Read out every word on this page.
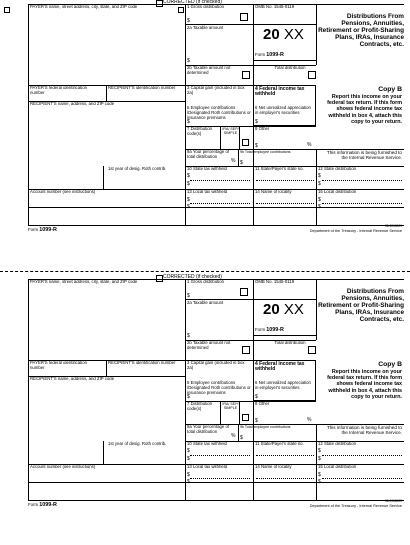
CORRECTED (if checked)
PAYER'S name, street address, city, state, and ZIP code	1 Gross distribution
$
OMB No. 1545-0119
20 XX
Form 1099-R
Distributions From Pensions, Annuities, Retirement or Profit-Sharing Plans, IRAs, Insurance Contracts, etc.
2a Taxable amount
$
2b Taxable amount not determined
Total distribution
PAYER'S federal identification number
RECIPIENT'S identification number	3 Capital gain (included in box 2a)
$
4 Federal income tax withheld
$
RECIPIENT'S name, address, and ZIP code
5 Employee contributions /Designated Roth contributions or insurance premiums
6 Net unrealized appreciation in employer's securities
Copy B
Report this income on your federal tax return. If this form shows federal income tax withheld in box 4, attach this copy to your return.
7 Distribution code(s)
IRA/ SEP/ SIMPLE
8 Other
$	%
9a Your percentage of total distribution
%
9b Total employee contributions
$
This information is being furnished to the Internal Revenue Service.
1st year of desig. Roth contrib.	10 State tax withheld	11 State/Payer's state no.	12 State distribution
$
$
$
$
Account number (see instructions)	13 Local tax withheld	14 Name of locality	15 Local distribution
$
$
$
$
Form 1099-R
38-2068803
Department of the Treasury - Internal Revenue Service
CORRECTED (if checked)
PAYER'S name, street address, city, state, and ZIP code	1 Gross distribution
$
OMB No. 1545-0119
20 XX
Form 1099-R
Distributions From Pensions, Annuities, Retirement or Profit-Sharing Plans, IRAs, Insurance Contracts, etc.
2a Taxable amount
$
2b Taxable amount not determined
Total distribution
PAYER'S federal identification number
RECIPIENT'S identification number	3 Capital gain (included in box 2a)
$
4 Federal income tax withheld
$
RECIPIENT'S name, address, and ZIP code
5 Employee contributions /Designated Roth contributions or insurance premiums
6 Net unrealized appreciation in employer's securities
Copy B
Report this income on your federal tax return. If this form shows federal income tax withheld in box 4, attach this copy to your return.
7 Distribution code(s)
IRA/ SEP/ SIMPLE
8 Other
$	%
9a Your percentage of total distribution
%
9b Total employee contributions
$
This information is being furnished to the Internal Revenue Service.
1st year of desig. Roth contrib.	10 State tax withheld	11 State/Payer's state no.	12 State distribution
$
$
$
$
Account number (see instructions)	13 Local tax withheld	14 Name of locality	15 Local distribution
$
$
$
$
Form 1099-R
38-2068803
Department of the Treasury - Internal Revenue Service
